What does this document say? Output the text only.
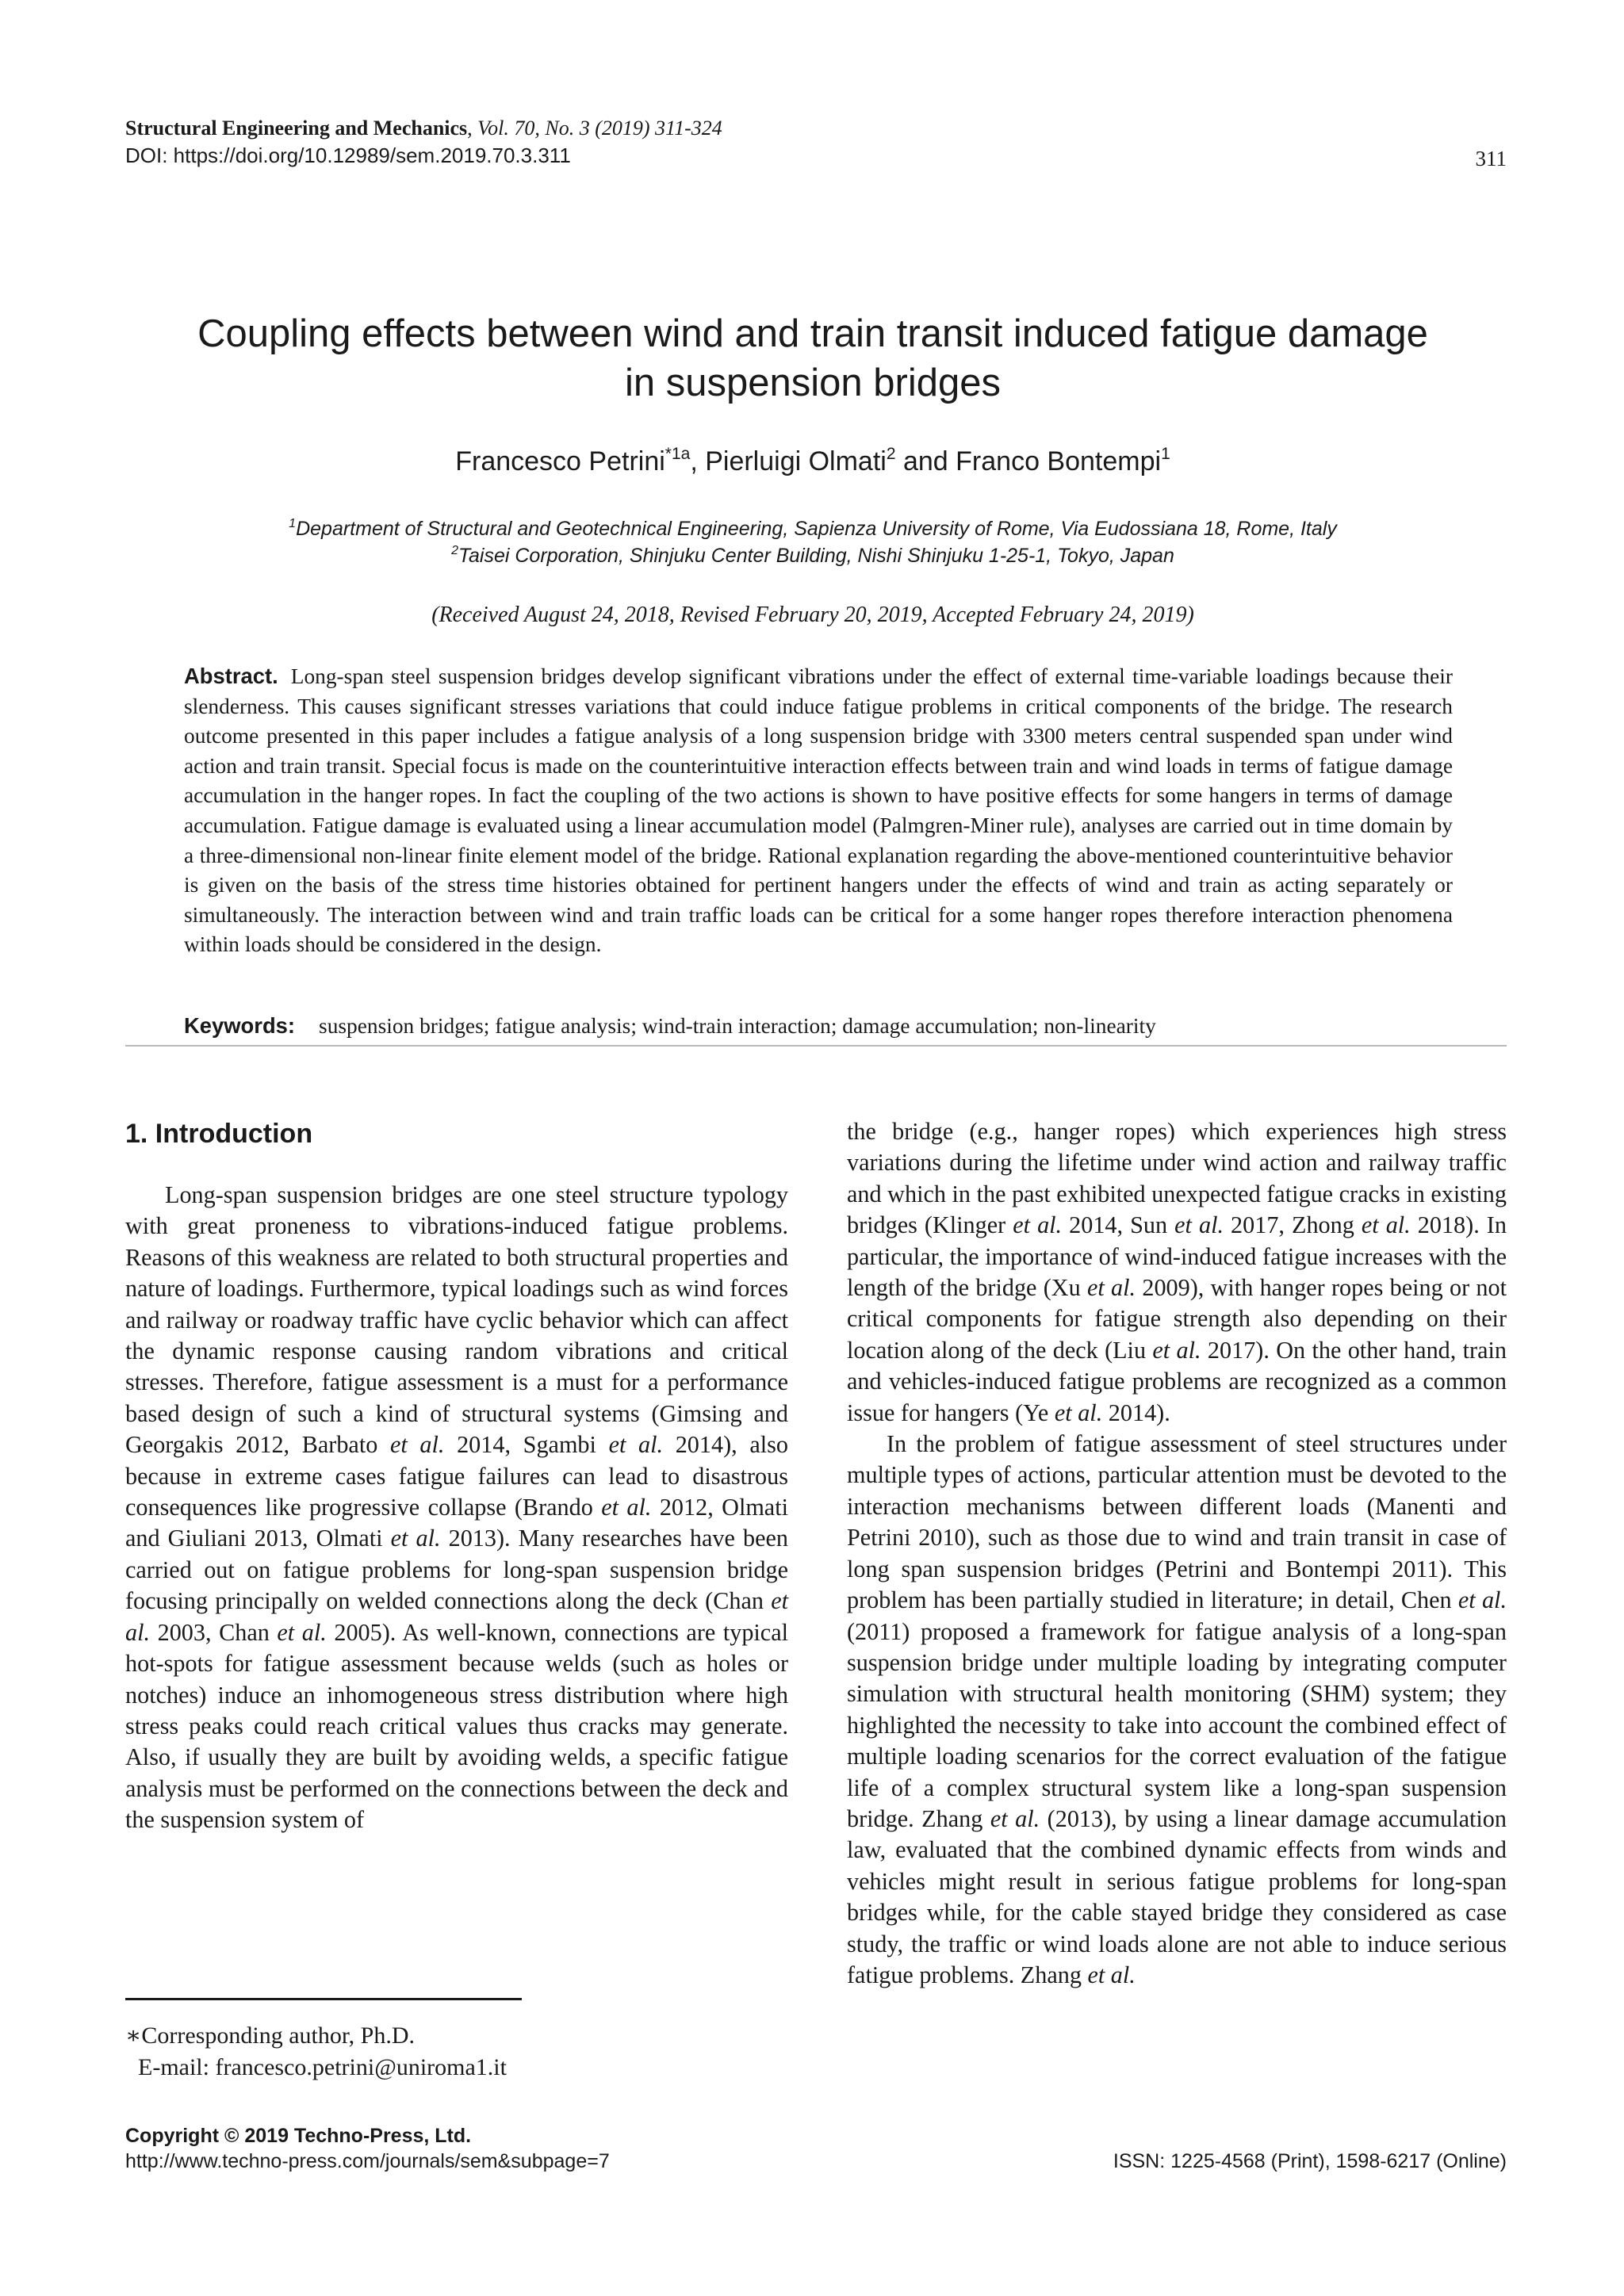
Structural Engineering and Mechanics, Vol. 70, No. 3 (2019) 311-324
DOI: https://doi.org/10.12989/sem.2019.70.3.311	311
Coupling effects between wind and train transit induced fatigue damage
in suspension bridges
Francesco Petrini$^{*1a}$, Pierluigi Olmati$^2$ and Franco Bontempi$^1$
$^1$Department of Structural and Geotechnical Engineering, Sapienza University of Rome, Via Eudossiana 18, Rome, Italy
$^2$Taisei Corporation, Shinjuku Center Building, Nishi Shinjuku 1-25-1, Tokyo, Japan
(Received August 24, 2018, Revised February 20, 2019, Accepted February 24, 2019)
Abstract. Long-span steel suspension bridges develop significant vibrations under the effect of external time-variable loadings because their slenderness. This causes significant stresses variations that could induce fatigue problems in critical components of the bridge. The research outcome presented in this paper includes a fatigue analysis of a long suspension bridge with 3300 meters central suspended span under wind action and train transit. Special focus is made on the counterintuitive interaction effects between train and wind loads in terms of fatigue damage accumulation in the hanger ropes. In fact the coupling of the two actions is shown to have positive effects for some hangers in terms of damage accumulation. Fatigue damage is evaluated using a linear accumulation model (Palmgren-Miner rule), analyses are carried out in time domain by a three-dimensional non-linear finite element model of the bridge. Rational explanation regarding the above-mentioned counterintuitive behavior is given on the basis of the stress time histories obtained for pertinent hangers under the effects of wind and train as acting separately or simultaneously. The interaction between wind and train traffic loads can be critical for a some hanger ropes therefore interaction phenomena within loads should be considered in the design.
Keywords: suspension bridges; fatigue analysis; wind-train interaction; damage accumulation; non-linearity
1. Introduction

Long-span suspension bridges are one steel structure typology with great proneness to vibrations-induced fatigue problems. Reasons of this weakness are related to both structural properties and nature of loadings. Furthermore, typical loadings such as wind forces and railway or roadway traffic have cyclic behavior which can affect the dynamic response causing random vibrations and critical stresses. Therefore, fatigue assessment is a must for a performance based design of such a kind of structural systems (Gimsing and Georgakis 2012, Barbato et al. 2014, Sgambi et al. 2014), also because in extreme cases fatigue failures can lead to disastrous consequences like progressive collapse (Brando et al. 2012, Olmati and Giuliani 2013, Olmati et al. 2013). Many researches have been carried out on fatigue problems for long-span suspension bridge focusing principally on welded connections along the deck (Chan et al. 2003, Chan et al. 2005). As well-known, connections are typical hot-spots for fatigue assessment because welds (such as holes or notches) induce an inhomogeneous stress distribution where high stress peaks could reach critical values thus cracks may generate. Also, if usually they are built by avoiding welds, a specific fatigue analysis must be performed on the connections between the deck and the suspension system of

the bridge (e.g., hanger ropes) which experiences high stress variations during the lifetime under wind action and railway traffic and which in the past exhibited unexpected fatigue cracks in existing bridges (Klinger et al. 2014, Sun et al. 2017, Zhong et al. 2018). In particular, the importance of wind-induced fatigue increases with the length of the bridge (Xu et al. 2009), with hanger ropes being or not critical components for fatigue strength also depending on their location along of the deck (Liu et al. 2017). On the other hand, train and vehicles-induced fatigue problems are recognized as a common issue for hangers (Ye et al. 2014).

In the problem of fatigue assessment of steel structures under multiple types of actions, particular attention must be devoted to the interaction mechanisms between different loads (Manenti and Petrini 2010), such as those due to wind and train transit in case of long span suspension bridges (Petrini and Bontempi 2011). This problem has been partially studied in literature; in detail, Chen et al. (2011) proposed a framework for fatigue analysis of a long-span suspension bridge under multiple loading by integrating computer simulation with structural health monitoring (SHM) system; they highlighted the necessity to take into account the combined effect of multiple loading scenarios for the correct evaluation of the fatigue life of a complex structural system like a long-span suspension bridge. Zhang et al. (2013), by using a linear damage accumulation law, evaluated that the combined dynamic effects from winds and vehicles might result in serious fatigue problems for long-span bridges while, for the cable stayed bridge they considered as case study, the traffic or wind loads alone are not able to induce serious fatigue problems. Zhang et al.

∗Corresponding author, Ph.D.
E-mail: francesco.petrini@uniroma1.it
Copyright © 2019 Techno-Press, Ltd.
http://www.techno-press.com/journals/sem&subpage=7	ISSN: 1225-4568 (Print), 1598-6217 (Online)
